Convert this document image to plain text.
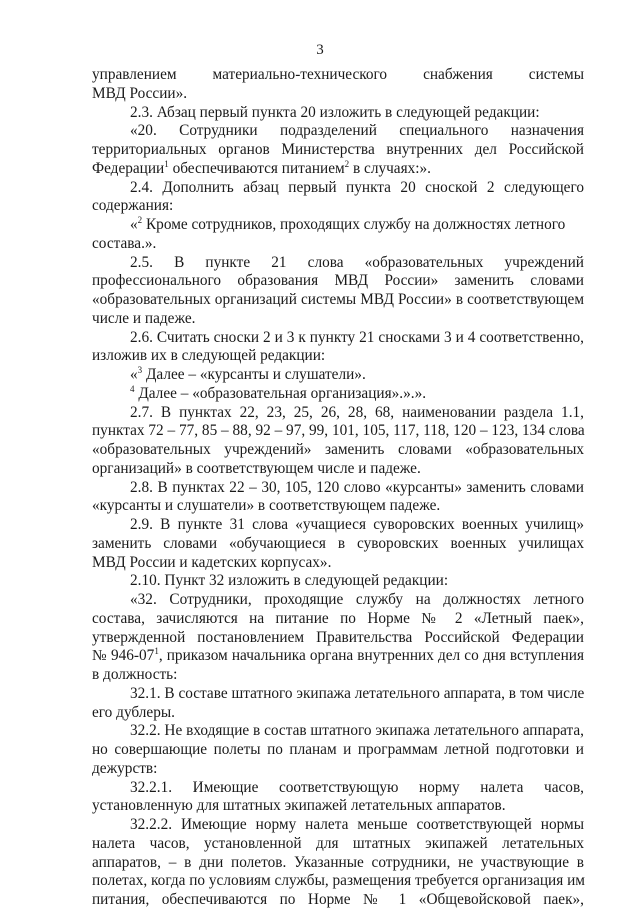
3
управлением материально-технического снабжения системы
МВД России».
2.3. Абзац первый пункта 20 изложить в следующей редакции:
«20. Сотрудники подразделений специального назначения
территориальных органов Министерства внутренних дел Российской
Федерации$^1$ обеспечиваются питанием$^2$ в случаях:».
2.4. Дополнить абзац первый пункта 20 сноской 2 следующего
содержания:
«$^2$ Кроме сотрудников, проходящих службу на должностях летного
состава.».
2.5. В пункте 21 слова «образовательных учреждений
профессионального образования МВД России» заменить словами
«образовательных организаций системы МВД России» в соответствующем
числе и падеже.
2.6. Считать сноски 2 и 3 к пункту 21 сносками 3 и 4 соответственно,
изложив их в следующей редакции:
«$^3$ Далее – «курсанты и слушатели».
$^4$ Далее – «образовательная организация».».».
2.7. В пунктах 22, 23, 25, 26, 28, 68, наименовании раздела 1.1,
пунктах 72 – 77, 85 – 88, 92 – 97, 99, 101, 105, 117, 118, 120 – 123, 134 слова
«образовательных учреждений» заменить словами «образовательных
организаций» в соответствующем числе и падеже.
2.8. В пунктах 22 – 30, 105, 120 слово «курсанты» заменить словами
«курсанты и слушатели» в соответствующем падеже.
2.9. В пункте 31 слова «учащиеся суворовских военных училищ»
заменить словами «обучающиеся в суворовских военных училищах
МВД России и кадетских корпусах».
2.10. Пункт 32 изложить в следующей редакции:
«32. Сотрудники, проходящие службу на должностях летного
состава, зачисляются на питание по Норме № 2 «Летный паек»,
утвержденной постановлением Правительства Российской Федерации
№ $946-07^1$, приказом начальника органа внутренних дел со дня вступления
в должность:
32.1. В составе штатного экипажа летательного аппарата, в том числе
его дублеры.
32.2. Не входящие в состав штатного экипажа летательного аппарата,
но совершающие полеты по планам и программам летной подготовки и
дежурств:
32.2.1. Имеющие соответствующую норму налета часов,
установленную для штатных экипажей летательных аппаратов.
32.2.2. Имеющие норму налета меньше соответствующей нормы
налета часов, установленной для штатных экипажей летательных
аппаратов, – в дни полетов. Указанные сотрудники, не участвующие в
полетах, когда по условиям службы, размещения требуется организация им
питания, обеспечиваются по Норме № 1 «Общевойсковой паек»,
